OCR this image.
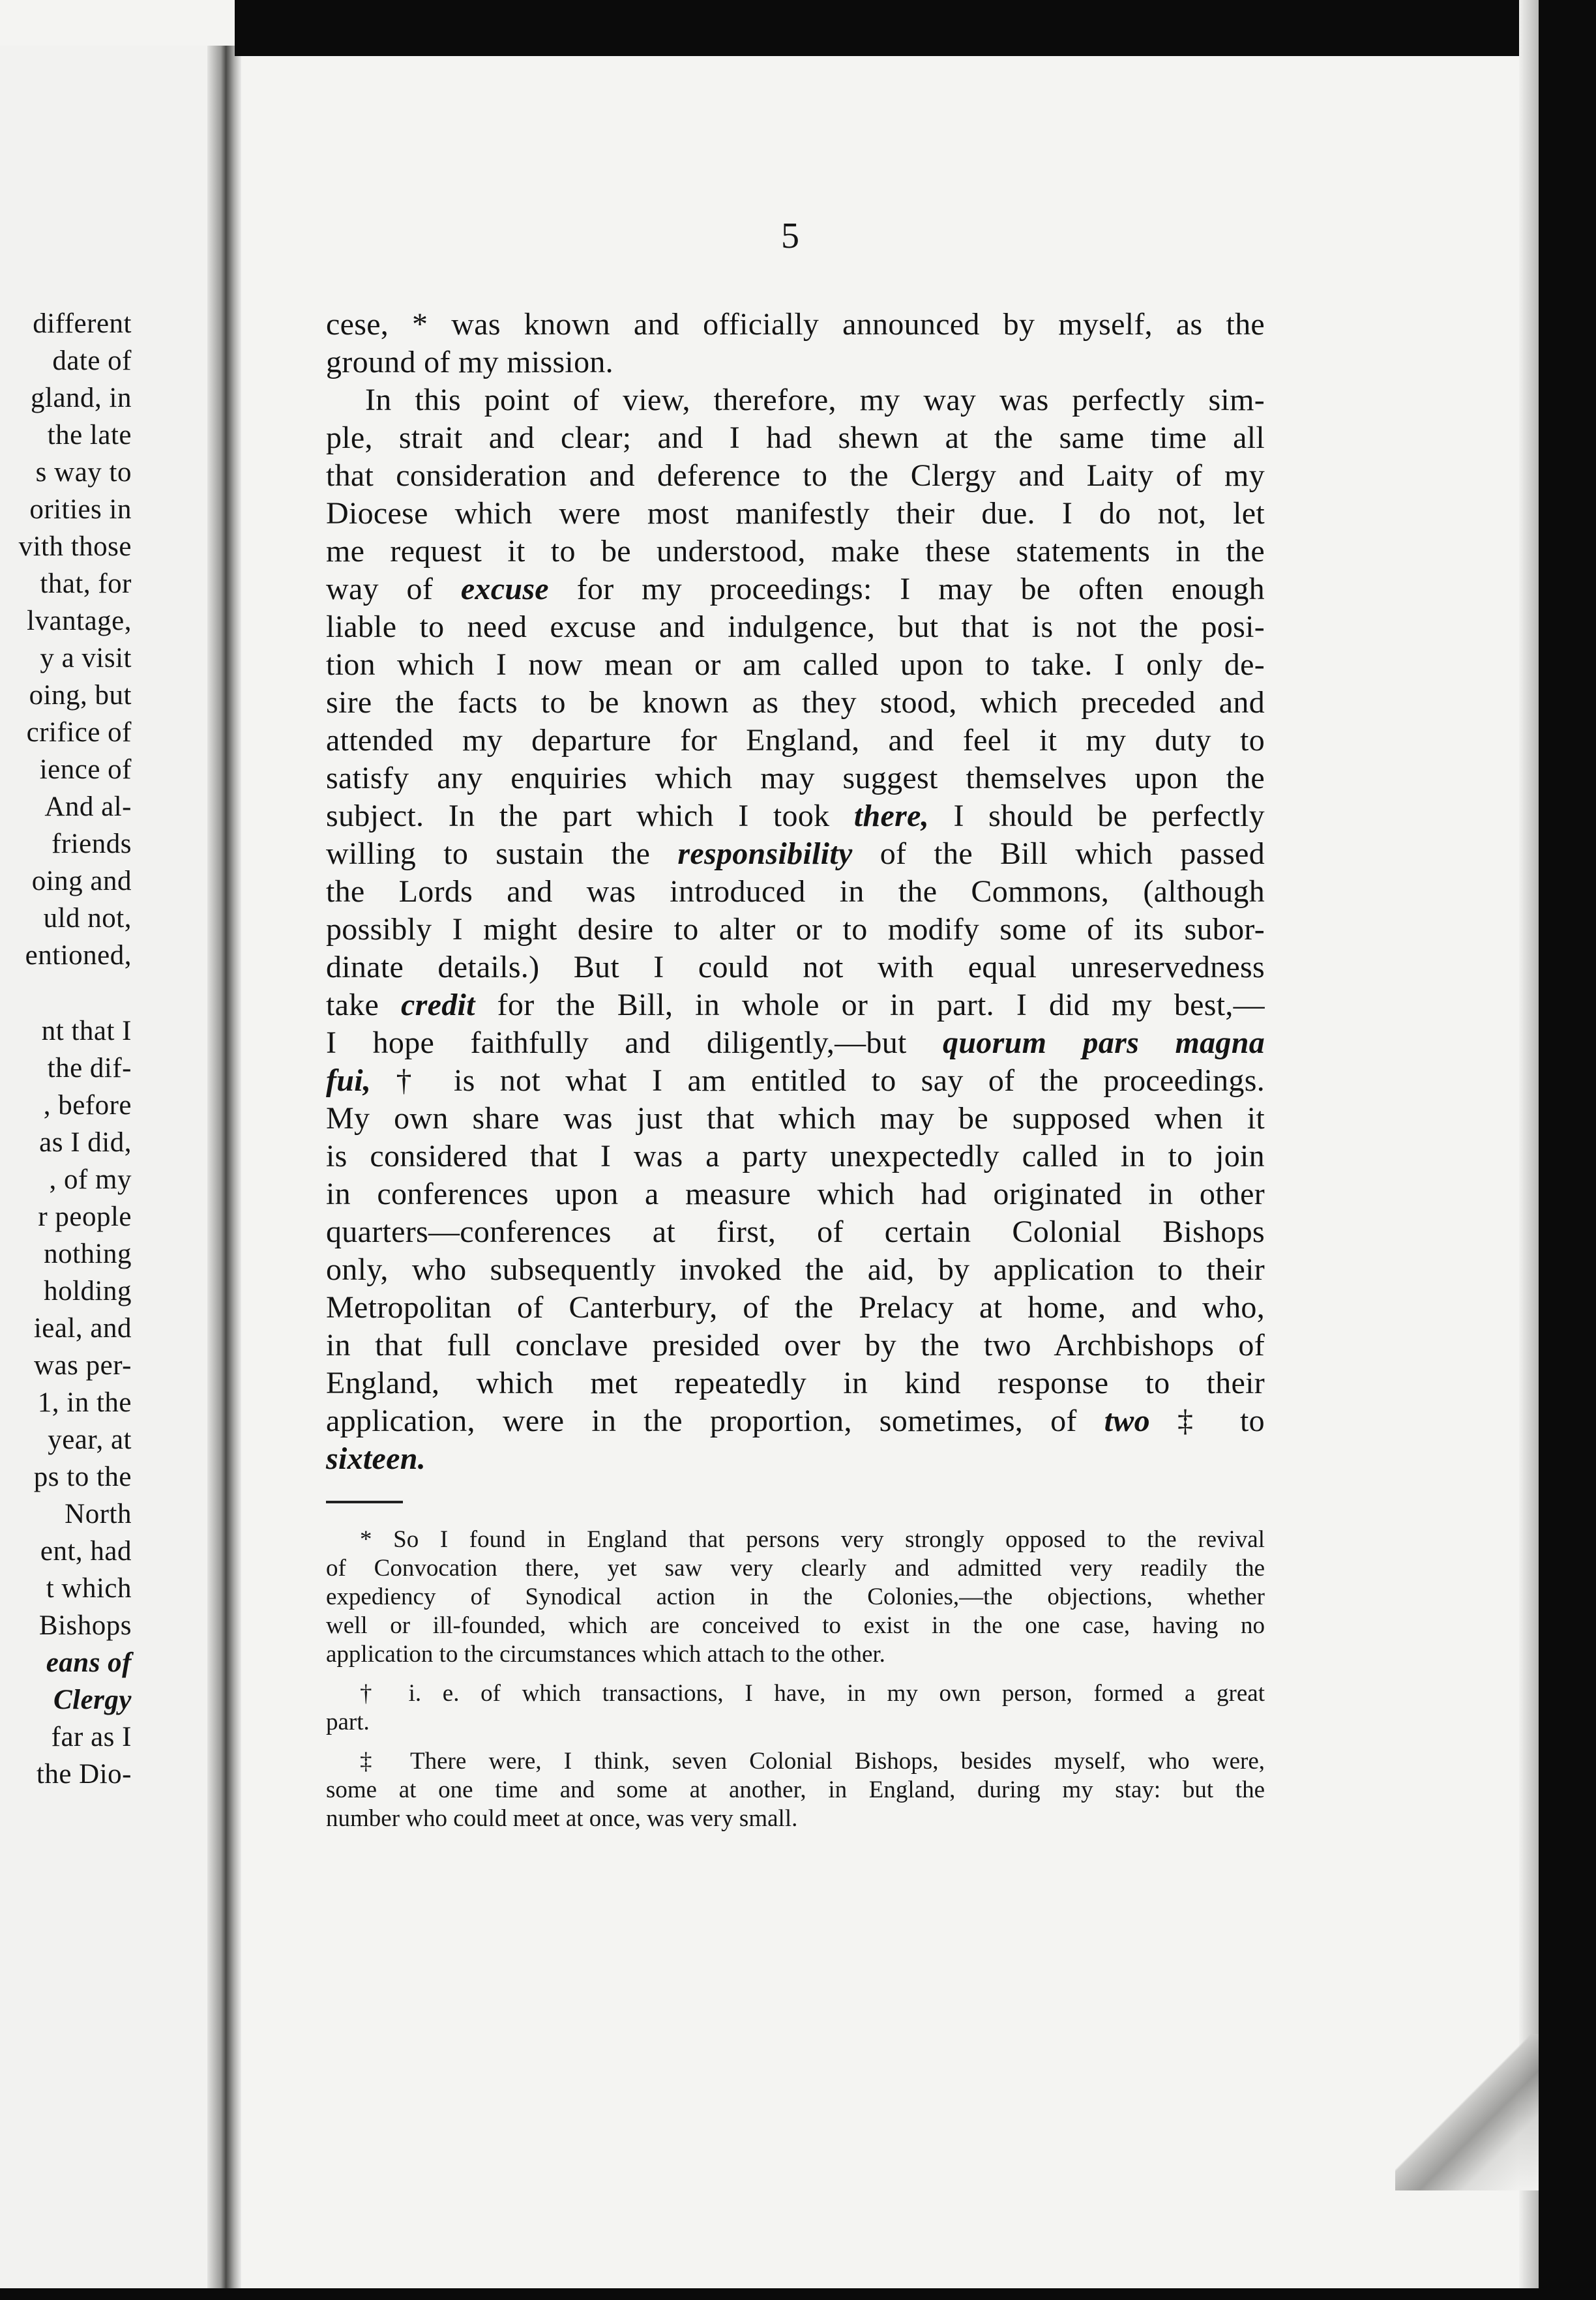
different
date of
gland, in
the late
s way to
orities in
vith those
that, for
lvantage,
y a visit
oing, but
crifice of
ience of
And al-
friends
oing and
uld not,
entioned,
nt that I
the dif-
, before
as I did,
, of my
r people
nothing
holding
ieal, and
was per-
1, in the
year, at
ps to the
North
ent, had
t which
Bishops
eans of
Clergy
far as I
the Dio-
5
cese, * was known and officially announced by myself, as the
ground of my mission.
In this point of view, therefore, my way was perfectly sim-
ple, strait and clear; and I had shewn at the same time all
that consideration and deference to the Clergy and Laity of my
Diocese which were most manifestly their due. I do not, let
me request it to be understood, make these statements in the
way of excuse for my proceedings: I may be often enough
liable to need excuse and indulgence, but that is not the posi-
tion which I now mean or am called upon to take. I only de-
sire the facts to be known as they stood, which preceded and
attended my departure for England, and feel it my duty to
satisfy any enquiries which may suggest themselves upon the
subject. In the part which I took there, I should be perfectly
willing to sustain the responsibility of the Bill which passed
the Lords and was introduced in the Commons, (although
possibly I might desire to alter or to modify some of its subor-
dinate details.) But I could not with equal unreservedness
take credit for the Bill, in whole or in part. I did my best,—
I hope faithfully and diligently,—but quorum pars magna
fui, † is not what I am entitled to say of the proceedings.
My own share was just that which may be supposed when it
is considered that I was a party unexpectedly called in to join
in conferences upon a measure which had originated in other
quarters—conferences at first, of certain Colonial Bishops
only, who subsequently invoked the aid, by application to their
Metropolitan of Canterbury, of the Prelacy at home, and who,
in that full conclave presided over by the two Archbishops of
England, which met repeatedly in kind response to their
application, were in the proportion, sometimes, of two ‡ to
sixteen.
* So I found in England that persons very strongly opposed to the revival
of Convocation there, yet saw very clearly and admitted very readily the
expediency of Synodical action in the Colonies,—the objections, whether
well or ill-founded, which are conceived to exist in the one case, having no
application to the circumstances which attach to the other.
† i. e. of which transactions, I have, in my own person, formed a great
part.
‡ There were, I think, seven Colonial Bishops, besides myself, who were,
some at one time and some at another, in England, during my stay: but the
number who could meet at once, was very small.
